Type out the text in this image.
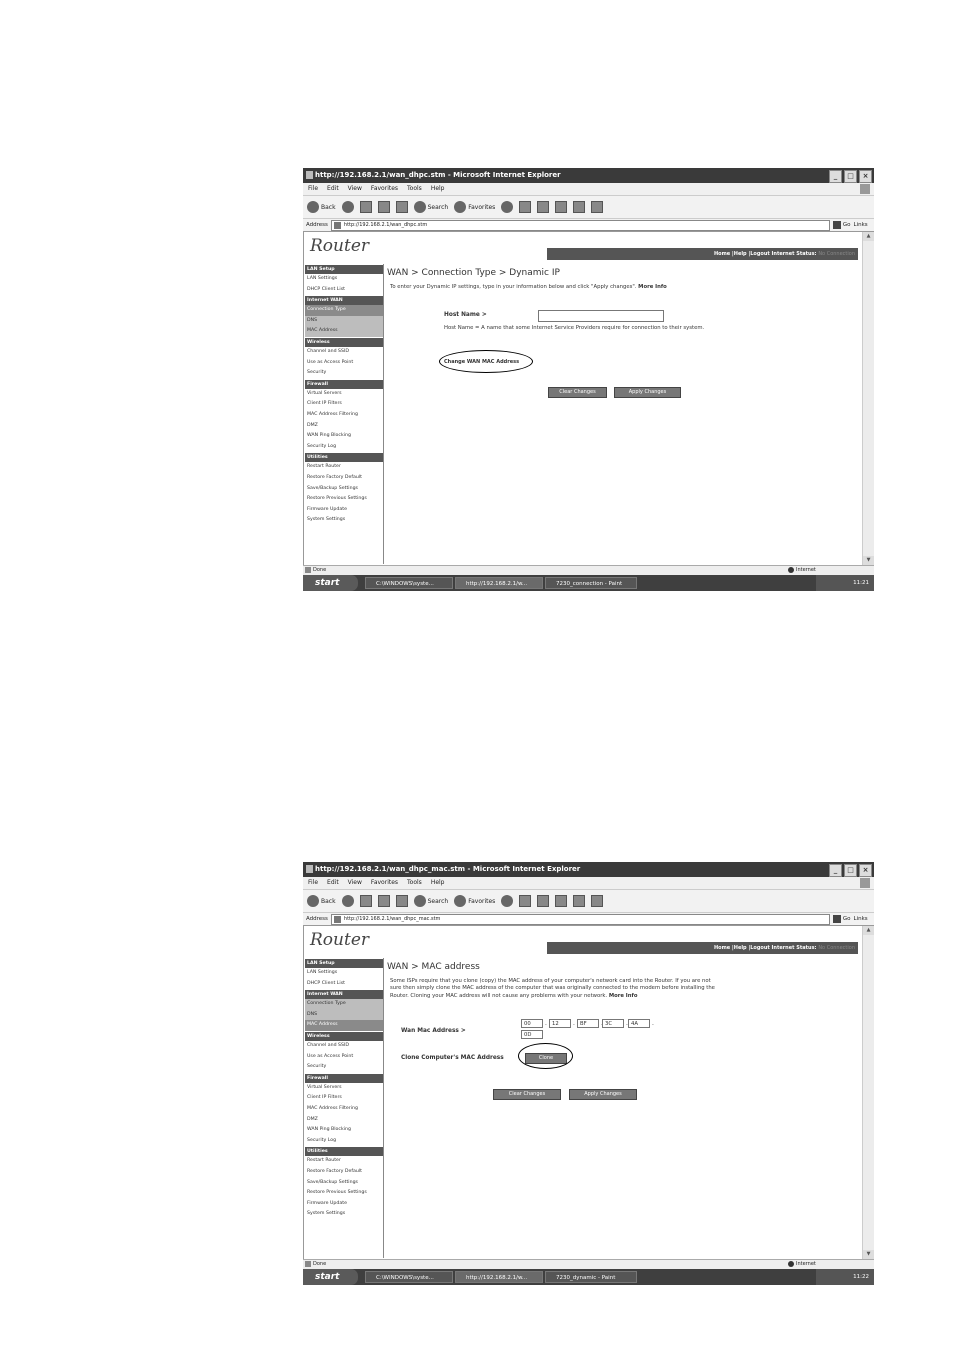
http://192.168.2.1/wan_dhpc.stm - Microsoft Internet Explorer	_	□	×
File Edit View Favorites Tools Help
Back	Search	Favorites
Address	http://192.168.2.1/wan_dhpc.stm	Go Links
Router	Home |Help |Logout Internet Status: No Connection
LAN Setup
LAN Settings
DHCP Client List
Internet WAN
Connection Type
DNS
MAC Address
Wireless
Channel and SSID
Use as Access Point
Security
Firewall
Virtual Servers
Client IP Filters
MAC Address Filtering
DMZ
WAN Ping Blocking
Security Log
Utilities
Restart Router
Restore Factory Default
Save/Backup Settings
Restore Previous Settings
Firmware Update
System Settings
WAN > Connection Type > Dynamic IP
To enter your Dynamic IP settings, type in your information below and click "Apply changes". More Info
Host Name >
Host Name = A name that some Internet Service Providers require for connection to their system.
Change WAN MAC Address
Clear Changes	Apply Changes
▲
▼
Done	Internet
start	C:\WINDOWS\syste...	http://192.168.2.1/w...	7230_connection - Paint	11:21
http://192.168.2.1/wan_dhpc_mac.stm - Microsoft Internet Explorer	_	□	×
File Edit View Favorites Tools Help
Back	Search	Favorites
Address	http://192.168.2.1/wan_dhpc_mac.stm	Go Links
Router	Home |Help |Logout Internet Status: No Connection
LAN Setup
LAN Settings
DHCP Client List
Internet WAN
Connection Type
DNS
MAC Address
Wireless
Channel and SSID
Use as Access Point
Security
Firewall
Virtual Servers
Client IP Filters
MAC Address Filtering
DMZ
WAN Ping Blocking
Security Log
Utilities
Restart Router
Restore Factory Default
Save/Backup Settings
Restore Previous Settings
Firmware Update
System Settings
WAN > MAC address
Some ISPs require that you clone (copy) the MAC address of your computer's network card into the Router. If you are not sure then simply clone the MAC address of the computer that was originally connected to the modem before installing the Router. Cloning your MAC address will not cause any problems with your network. More Info
Wan Mac Address >
00	. 12	. BF	3C	. 4A	.
0D
Clone Computer's MAC Address	Clone
Clear Changes	Apply Changes
▲
▼
Done	Internet
start	C:\WINDOWS\syste...	http://192.168.2.1/w...	7230_dynamic - Paint	11:22
